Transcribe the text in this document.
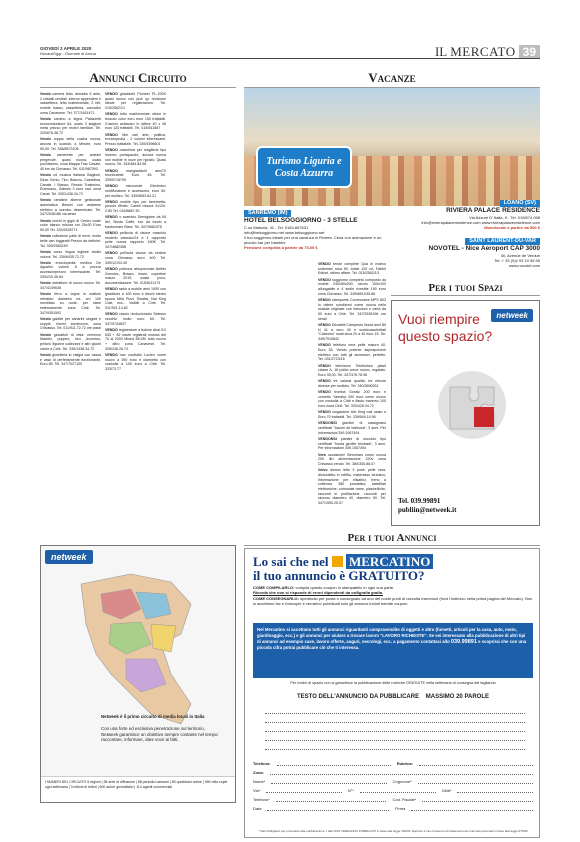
GIOVEDÌ 2 APRILE 2020
NovaraOggi - Giornale di Arona	IL MERCATO 39
Annunci Circuito

Vendo camera letto, armadio 6 ante, 2 cristalli centrali, interno appendere e cassettiera, letto matrimoniale, 2 reti, mobile basso, cassettiera, comodini zona Canavese. Tel. 377/1451471

Vendo camino a legna Palazzetti economizzatore 64, usato 3 stagioni metà prezzo per motivi familiari. Tel. 320/676.38.72

Vendo coppa della cucina nuova, ancora in scatola, a Mestre, euro 50,00. Tel. 338/8573108

Vendo cameretta per anziani pregevole, quasi nuova, usata pochissimo, zona Mappa Trac Casale, 40 km da Chivasso. Tel. 011/987093

Vendo cd musica italiana Baglioni, Dirac Genio, Tiro, Biancio, Castellina, Canale, I Bianco, Ressio Trasimino, Eramozzo, Galesio 3 euro cad. zona Canal. Tel. 335/1438.34.72

Vendo ceniatrie alterne gestionale automatica Bessel con asfarene elettrico a scenico deseminato. Tel. 347/2538186 via sesto

Vendo cerchi in gigio di Certez ovale color bianco misura cm 25x30 Euro 50,00 Tel. 333/9328771

Vendo collezione palle di neve, molto belle van toggeatti Prezzo da definire. Tel. 339/2583169

Vendo corso lingua inglese dodici volumi. Tel. 339/6435.72.72

Vendo enciclopedia medica De Agostini volumi 8 a prezzo accessiorprezzo interessante. Tel. 339/215.36.84

Vendo estrattore di succo nuovo Tel. 347/4109636

Vendo ferro a legna in mattoni refrattari diametro int. cm 100 mentitato su ruote, per stare esternamente zona Ciriè. Tel. 347/9351592

Vendo gabbie per canarini singole e coppie, rinomi, seminuove, zona Chivasso. Tel. 011/911.72.72 ore pasti

Vendo giocattoli di letta: meninno Marklin, puppex, bici Juventus, pelloni, figurine collezioni e altri giochi vicolo a Ciriè. Tel. 335/1438.34.72

Vendo gioielleria in valigia con cassa e vaso di perfettamente funzionante, Euro 85. Tel. 347/7027100

VENDO giradischi Pioneer PL-200X quasi nuovo con pick up revisione ideale per registrazione. Tel. 015/25621/1

VENDO letto matrimoniale ottoni in tessuto color ecrù euro 150 trattabili. Cuscino antiacaro in lattice 40 x 46 euro 120 trattabili. Tel. 015/541587

VENDO libri vari arte, politica, enciclopedia - 2 volumi interessanti. Prezzo trattabile. Tel. 339/1596601

VENDO macchina per maglieria tipo inverso portapacchi, ancora nuova con mobile in noce per riposto. Quasi nuova. Tel. 333/484.84.96

VENDO mangiadischi anni70 funzionante Euro 45. Tel. 339/5716799

VENDO microonde Electrolux multifunzione e accessorio, euro 50, per multizo. Tel. 339/5653.84.21

VENDO mobile tipo per tavernetta, piccolo rifinito, Carelli misura 2x12h. 2.80 Tel. 016/8887.30

VENDO o scambio Demigiane da 54 litri, Simac Caffè, ecc da fondo a trasformare Biani. Tel. 347/9881575

VENDO pelliccia di visone maschio modello classico/24 e 4 rappordo pelle nuova rapporto 150€. Tel. 347/4682358

VENDO pelliccia visone da vedere zona Chivasso euro 400 Tel. 339/12103.49

VENDO poltrona abiopreciose Atelier 2mnoloc, Braam, Imam, copertine marzo 2019, usata poco, documentazione. Tel. 015/8111173

VENDO radio a mobile anni 1950 con giradischi a 100 euro e dischi stereo epoca Nilla Pizzi, Sinatra, Nat King Cole, ecc... visibili a Ciriè. Tel. 011/921.14.82

VENDO rasoio rivoluzionario Seiesso vecchio molto euro 60. Tel. 347/9744637

VENDO registratore a bobine Akai GX 635 + 82 nastri registrati musica del 70 al 2000 Mixed 35/190 tutto nuovo + altro zona Canavese. Tel. 339/248.26.74

VENDO sax contralto Lucien come nuovo a 390 euro e clarinetto con custodia a 100 euro a Ciriè. Tel. 333/73.77

netweek
Netweek è il primo circuito di media locali in Italia
Con una forte ed esclusiva penetrazione sul territorio, Netweek garantisce un obiettivo sempre costante nel tempo: raccontare, informare, dare voce ai fatti.
I NUMERI DEL CIRCUITO 6 regioni | 38 aree di diffusione | 88 periodici cartacei | 80 quotidiani online | 550 mila copie ogni settimana | 3 milioni di lettori | 600 autori giornalistici | 114 agenti commerciali
Vacanze
Turismo Liguria e
Costa Azzurra
SANREMO (IM)
HOTEL BELSOGGIORNO - 3 STELLE
C.so Matuzia, 41 - Tel. 0184.667631
info@belsoggiorno.net www.belsoggiorno.net
Il tuo soggiorno ideale per una vacanza in Riviera. Cena con animazione e un piccolo bar per bambini
Pensione completa a partire da 75,00 €
LOANO (SV)
RIVIERA PALACE RESIDENCE
Via Azzurri D' Italia, 9 - Tel. 019/674.098
info@rivierapalaceresidence.com www.rivierapalaceresidence.com
Monolocale a partire da 500 €
SAINT LAURENT-DU-VAR
NOVOTEL - Nice Aeroport CAP 3000
40, Avenue de Verdun
Tel. + 33 (0)4 93 19 55 55
www.novotel.com

VENDO tende complete Qua in motivo sottorrani rosa 50, totale 120 cd, Fabbri Editori, ottimo affare. Tel. 015/2562/1/1

VENDO soggiorno completo composto da mobile 240x50x200, tavolo 100x100 allungabile e 4 sedie rivestite 190 euro zona Chivasso. Tel. 349/6651/35.68

VENDO stampante Commodore MPS 803 in ottime condizioni come nuova nella scatola originale con istruzioni e carta da 50 euro a Ciriè. Tel. 347/2538196 ore serali

VENDO Stivaletti Camperos Nuovi anni 80 N 41 a euro 40 e scaricoacchettati "Calanmo" usati circa 20 a 40 euro 15. Tel. 349/7910842

VENDO telefono vera pelle misura 40. Euro 35. Vendo potente aspirapolvere elettrico con tutti gli accessori, perfetto. Tel. 031/2723/16

VENDO televisore Telefunken plasti classe A, 16 pollici come nuovo, regalato. Euro 35,00. Tel. 347/376.78.96

VENDO tre calassi qualità, tre misure diverse per multizio. Tel. 340/3690931

VENDO tromba Gossic 200 euro e cornetto Yamaha 200 euro come nuove con custodia a Ciriè e flauto traverso 100 euro zona Ciriè. Tel. 333/428.34.72

VENDO viogazione Alix King mai usato e Euro 70 trattabili. Tel. 339/649.14.96

VENDONSI giardini di cassignano certificati "bacchi de bellezza". 3 anni. Per informazioni 349.1067494

VENDONSI piantini di nocciolo tipo certificati "tonda gentile trilobata", 3 anni. Per informazioni 349.1067494

Vera occasione! Beromars come nuova 200 litri alimentazione 220v zona Chivasso vendo. Tel. 380/306.88.07

Volvo divano letto 3 posti, pelle vera, divanoletto in rottiflu, materasso idraulico, informazione per elisabici, treno a cottenna, 380 prostatica, satellitari elettroniche, comunale rame, piastrelliche, raccordi in profilazione, raccordi per raccoro diametro 40, diametro 50. Tel. 347/1550.25.07

Per i tuoi Spazi
Vuoi riempire
questo spazio?
netweek
Tel. 039.99891
publiin@netweek.it
Per i tuoi Annunci
Lo sai che nel MERCATINO
il tuo annuncio è GRATUITO?
COME COMPILARLO: compila questo coupon in stampatello in ogni sua parte.
Ricorda che non si risponde di errori dipendenti da calligrafia grafia.
COME CONSEGNARLO: spediscilo per posta o consegnalo ad uno dei nostri punti di raccolta inserzioni (trovi l'indirizzo nella prima pagina del Mercato). Non si accettano fax e fotocopie e verranno pubblicati solo gli annunci inviati tramite coupon.
Nel Mercatino si accettano tutti gli annunci riguardanti compravendite di oggetti e altro (fumetti, articoli per la casa, auto, moto, giardinaggio, ecc.) e gli annunci per aiutare a trovare lavoro "LAVORO RICHIESTE". Se sei interessato alla pubblicazione di altri tipi di annunci ad esempio case, lavoro offerte, auguri, necrologi, ecc. a pagamento contattaci allo 039.99891 e scoprirai che con una piccola cifra potrai pubblicare ciò che ti interessa.
Per motivi di spazio non si garantisce la pubblicazione delle rubriche GRATUITE nella settimana di consegna del tagliando
TESTO DELL'ANNUNCIO DA PUBBLICARE MASSIMO 20 PAROLE
Telefono:	Rubrica:
Zona:
Nome*	Cognome*
Via*	N°*	Città*
Telefono*	Cod. Fiscale*
Data	Firma
* Dati obbligatori per procedere alla pubblicazione. I dati NON VERRANNO PUBBLICATI in base alla legge 196/03. Esprimo il mio consenso al trattamento dei miei dati personali in base alla legge 675/96
